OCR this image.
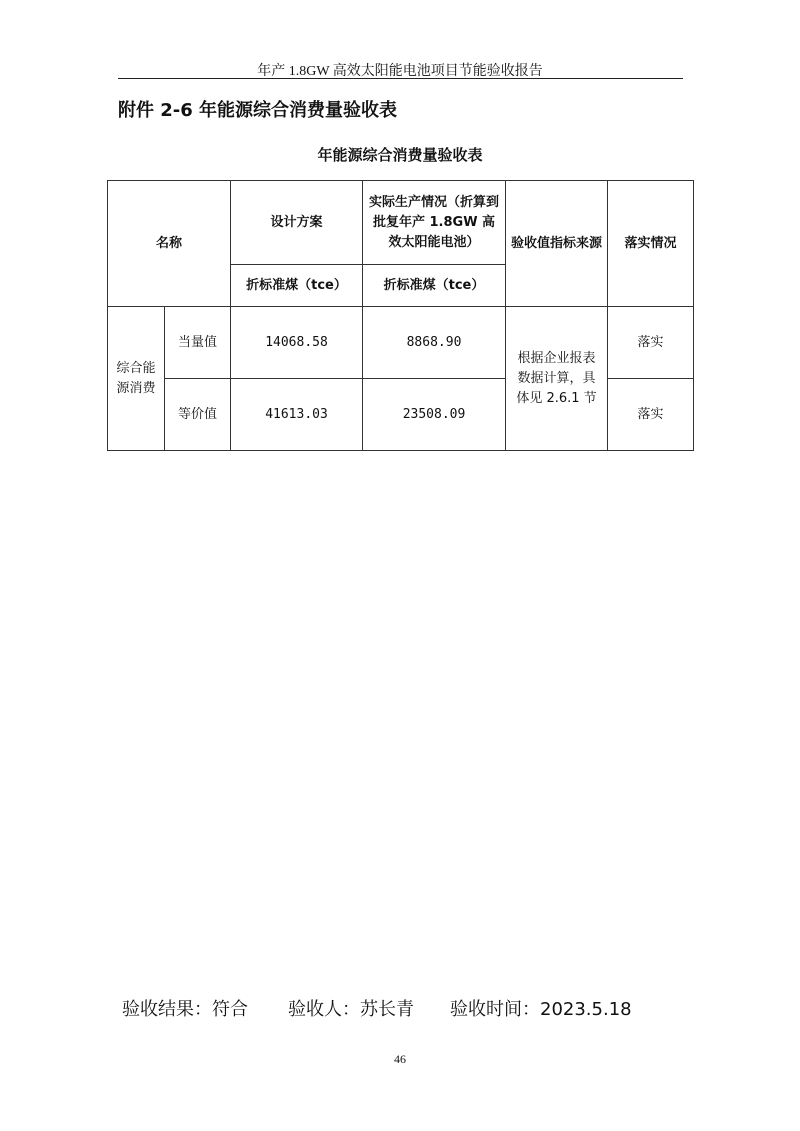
年产 1.8GW 高效太阳能电池项目节能验收报告
附件 2-6 年能源综合消费量验收表
年能源综合消费量验收表
名称		设计方案	实际生产情况（折算到批复年产 1.8GW 高效太阳能电池）	验收值指标来源	落实情况
		折标准煤（tce）	折标准煤（tce）		
综合能源消费	当量值	14068.58	8868.90	根据企业报表数据计算，具体见 2.6.1 节	落实
	等价值	41613.03	23508.09		落实
验收结果：符合 验收人：苏长青 验收时间：2023.5.18
46
